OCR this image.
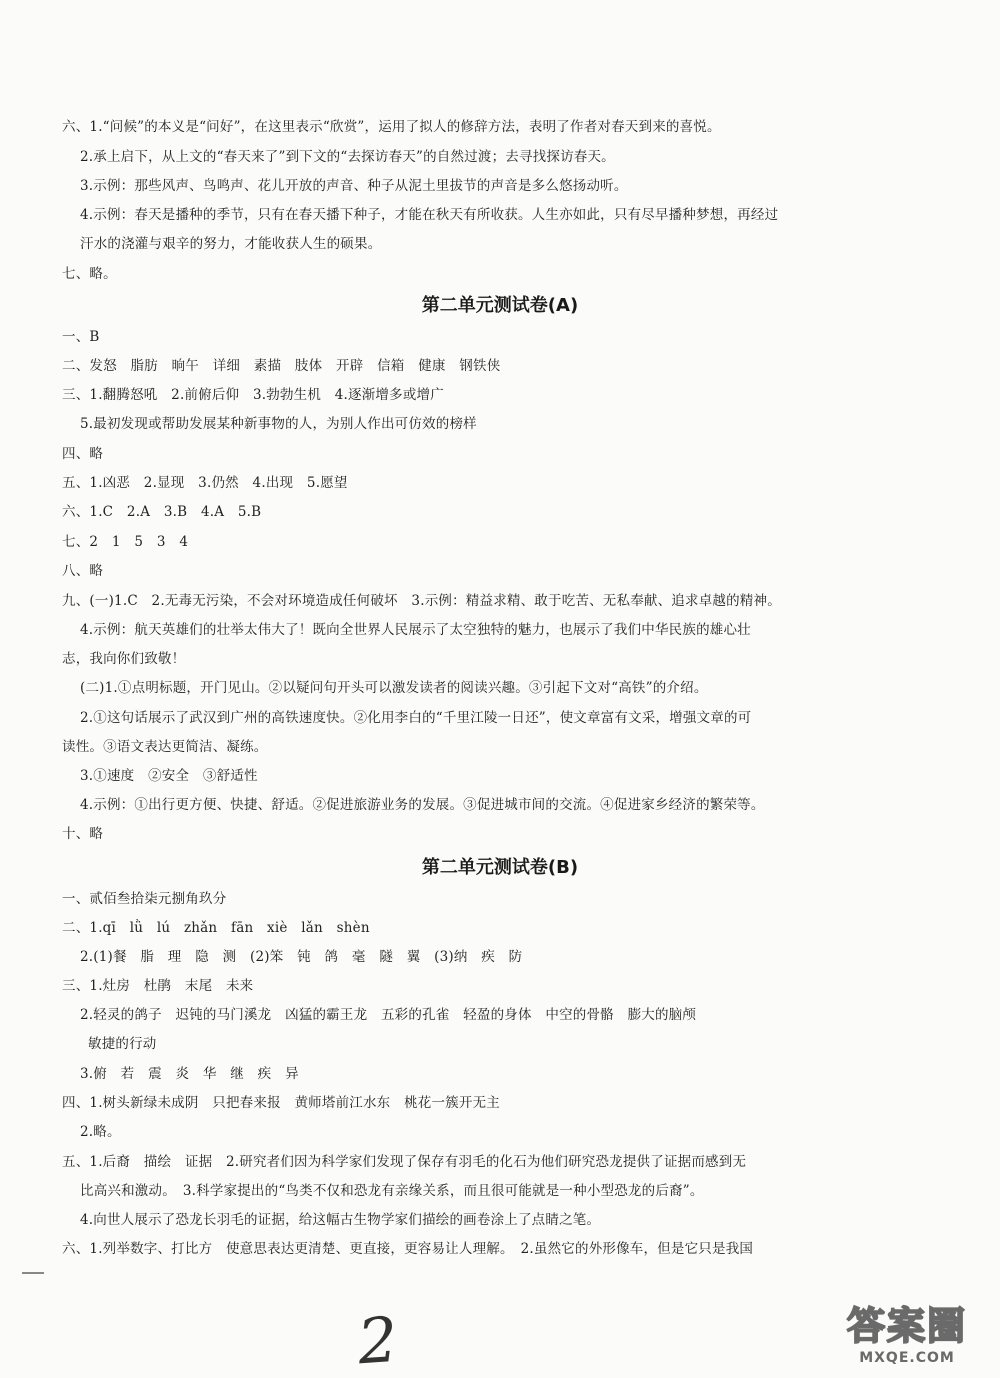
六、1.“问候”的本义是“问好”，在这里表示“欣赏”，运用了拟人的修辞方法，表明了作者对春天到来的喜悦。
2.承上启下，从上文的“春天来了”到下文的“去探访春天”的自然过渡；去寻找探访春天。
3.示例：那些风声、鸟鸣声、花儿开放的声音、种子从泥土里拔节的声音是多么悠扬动听。
4.示例：春天是播种的季节，只有在春天播下种子，才能在秋天有所收获。人生亦如此，只有尽早播种梦想，再经过
汗水的浇灌与艰辛的努力，才能收获人生的硕果。
七、略。
第二单元测试卷(A)
一、B
二、发怒　脂肪　晌午　详细　素描　肢体　开辟　信箱　健康　钢铁侠
三、1.翻腾怒吼　2.前俯后仰　3.勃勃生机　4.逐渐增多或增广
5.最初发现或帮助发展某种新事物的人，为别人作出可仿效的榜样
四、略
五、1.凶恶　2.显现　3.仍然　4.出现　5.愿望
六、1.C　2.A　3.B　4.A　5.B
七、2　1　5　3　4
八、略
九、(一)1.C　2.无毒无污染，不会对环境造成任何破坏　3.示例：精益求精、敢于吃苦、无私奉献、追求卓越的精神。
4.示例：航天英雄们的壮举太伟大了！既向全世界人民展示了太空独特的魅力，也展示了我们中华民族的雄心壮
志，我向你们致敬！
(二)1.①点明标题，开门见山。②以疑问句开头可以激发读者的阅读兴趣。③引起下文对“高铁”的介绍。
2.①这句话展示了武汉到广州的高铁速度快。②化用李白的“千里江陵一日还”，使文章富有文采，增强文章的可
读性。③语文表达更简洁、凝练。
3.①速度　②安全　③舒适性
4.示例：①出行更方便、快捷、舒适。②促进旅游业务的发展。③促进城市间的交流。④促进家乡经济的繁荣等。
十、略
第二单元测试卷(B)
一、贰佰叁拾柒元捌角玖分
二、1.qī　lǜ　lú　zhǎn　fān　xiè　lǎn　shèn
2.(1)餐　脂　理　隐　测　(2)笨　钝　鸽　毫　隧　翼　(3)纳　疾　防
三、1.灶房　杜鹃　末尾　未来
2.轻灵的鸽子　迟钝的马门溪龙　凶猛的霸王龙　五彩的孔雀　轻盈的身体　中空的骨骼　膨大的脑颅
敏捷的行动
3.俯　若　震　炎　华　继　疾　异
四、1.树头新绿未成阴　只把春来报　黄师塔前江水东　桃花一簇开无主
2.略。
五、1.后裔　描绘　证据　2.研究者们因为科学家们发现了保存有羽毛的化石为他们研究恐龙提供了证据而感到无
比高兴和激动。　3.科学家提出的“鸟类不仅和恐龙有亲缘关系，而且很可能就是一种小型恐龙的后裔”。
4.向世人展示了恐龙长羽毛的证据，给这幅古生物学家们描绘的画卷涂上了点睛之笔。
六、1.列举数字、打比方　使意思表达更清楚、更直接，更容易让人理解。　2.虽然它的外形像车，但是它只是我国
2	答案圈
MXQE.COM
